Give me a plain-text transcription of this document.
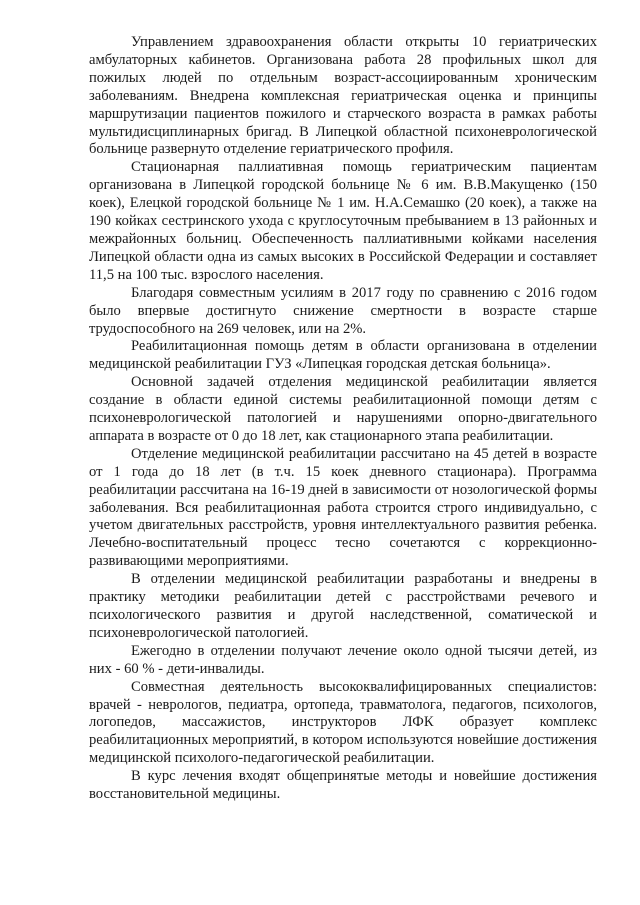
Управлением здравоохранения области открыты 10 гериатрических амбулаторных кабинетов. Организована работа 28 профильных школ для пожилых людей по отдельным возраст-ассоциированным хроническим заболеваниям. Внедрена комплексная гериатрическая оценка и принципы маршрутизации пациентов пожилого и старческого возраста в рамках работы мультидисциплинарных бригад. В Липецкой областной психоневрологической больнице развернуто отделение гериатрического профиля.

Стационарная паллиативная помощь гериатрическим пациентам организована в Липецкой городской больнице № 6 им. В.В.Макущенко (150 коек), Елецкой городской больнице № 1 им. Н.А.Семашко (20 коек), а также на 190 койках сестринского ухода с круглосуточным пребыванием в 13 районных и межрайонных больниц. Обеспеченность паллиативными койками населения Липецкой области одна из самых высоких в Российской Федерации и составляет 11,5 на 100 тыс. взрослого населения.

Благодаря совместным усилиям в 2017 году по сравнению с 2016 годом было впервые достигнуто снижение смертности в возрасте старше трудоспособного на 269 человек, или на 2%.

Реабилитационная помощь детям в области организована в отделении медицинской реабилитации ГУЗ «Липецкая городская детская больница».

Основной задачей отделения медицинской реабилитации является создание в области единой системы реабилитационной помощи детям с психоневрологической патологией и нарушениями опорно-двигательного аппарата в возрасте от 0 до 18 лет, как стационарного этапа реабилитации.

Отделение медицинской реабилитации рассчитано на 45 детей в возрасте от 1 года до 18 лет (в т.ч. 15 коек дневного стационара). Программа реабилитации рассчитана на 16-19 дней в зависимости от нозологической формы заболевания. Вся реабилитационная работа строится строго индивидуально, с учетом двигательных расстройств, уровня интеллектуального развития ребенка. Лечебно-воспитательный процесс тесно сочетаются с коррекционно-развивающими мероприятиями.

В отделении медицинской реабилитации разработаны и внедрены в практику методики реабилитации детей с расстройствами речевого и психологического развития и другой наследственной, соматической и психоневрологической патологией.

Ежегодно в отделении получают лечение около одной тысячи детей, из них - 60 % - дети-инвалиды.

Совместная деятельность высококвалифицированных специалистов: врачей - неврологов, педиатра, ортопеда, травматолога, педагогов, психологов, логопедов, массажистов, инструкторов ЛФК образует комплекс реабилитационных мероприятий, в котором используются новейшие достижения медицинской психолого-педагогической реабилитации.

В курс лечения входят общепринятые методы и новейшие достижения восстановительной медицины.
